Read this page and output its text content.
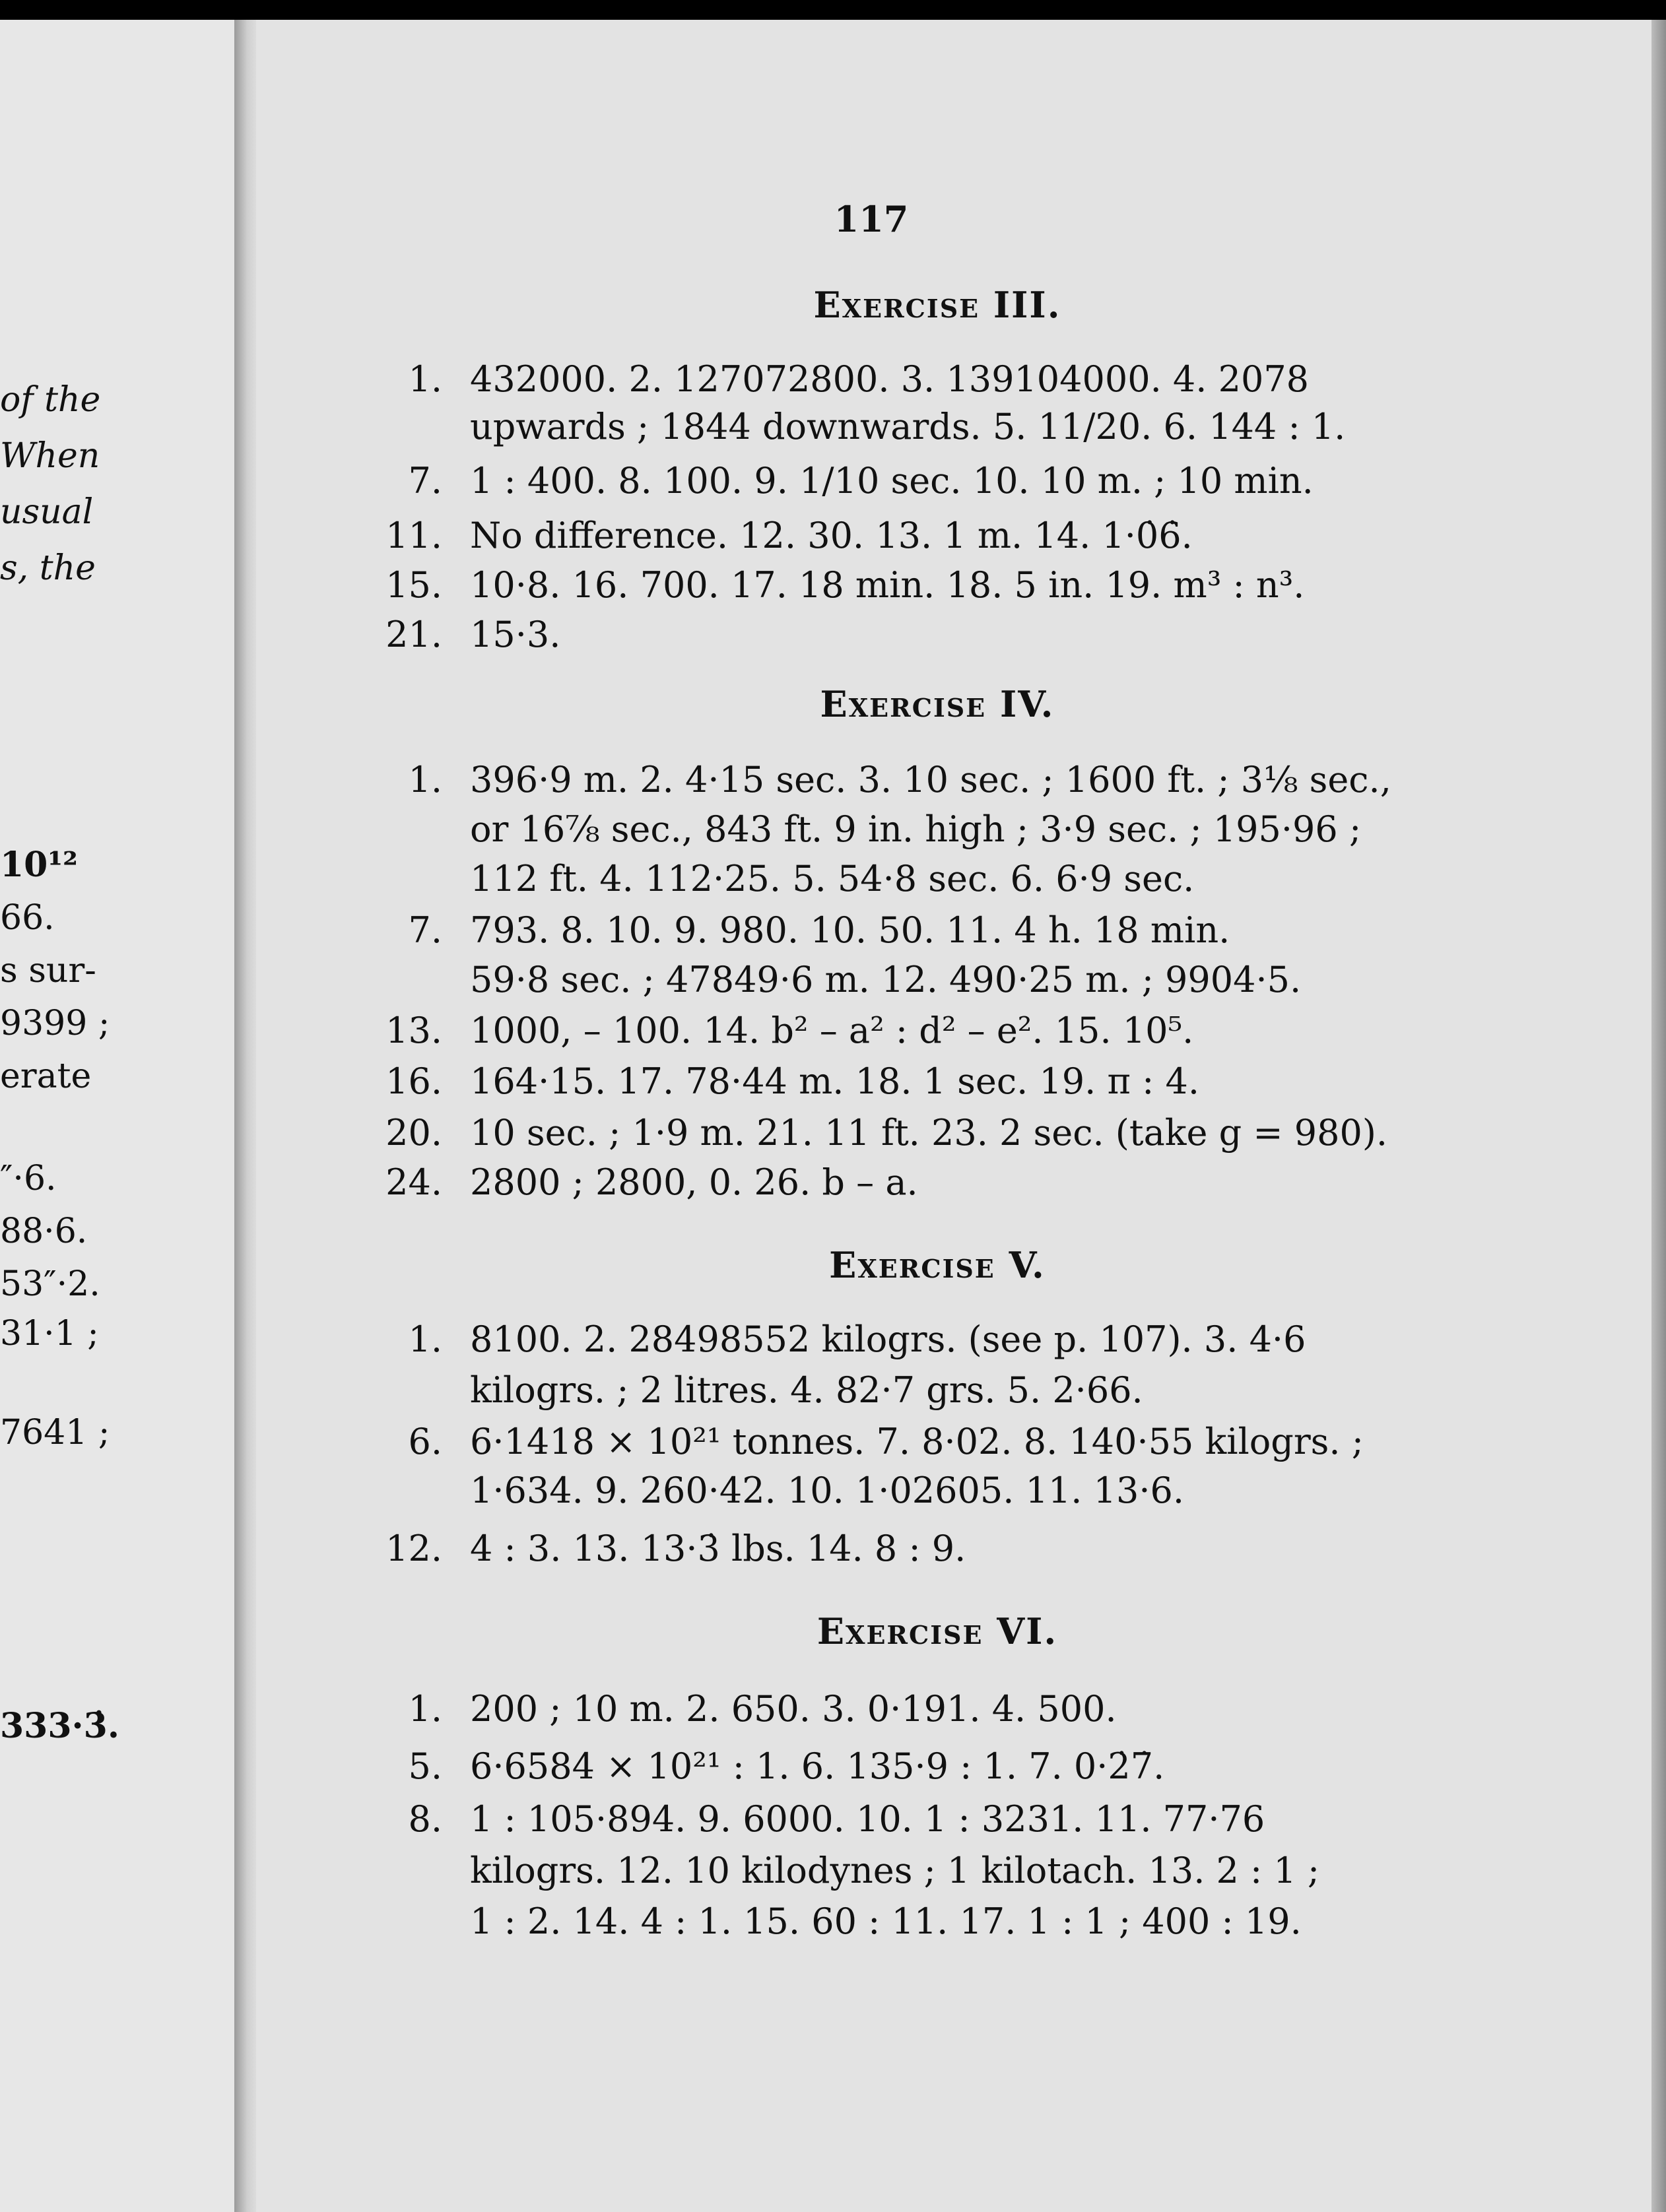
of the
When
usual
s, the
10¹²
66.
s sur-
9399 ;
erate
″·6.
88·6.
53″·2.
31·1 ;
7641 ;
333·3̇.
117
Exercise III.
1. 432000. 2. 127072800. 3. 139104000. 4. 2078
upwards ; 1844 downwards. 5. 11/20. 6. 144 : 1.
7. 1 : 400. 8. 100. 9. 1/10 sec. 10. 10 m. ; 10 min.
11. No difference. 12. 30. 13. 1 m. 14. 1·0̇6̇.
15. 10·8. 16. 700. 17. 18 min. 18. 5 in. 19. m³ : n³.
21. 15·3.
Exercise IV.
1. 396·9 m. 2. 4·15 sec. 3. 10 sec. ; 1600 ft. ; 3⅛ sec.,
or 16⅞ sec., 843 ft. 9 in. high ; 3·9 sec. ; 195·96 ;
112 ft. 4. 112·25. 5. 54·8 sec. 6. 6·9 sec.
7. 793. 8. 10. 9. 980. 10. 50. 11. 4 h. 18 min.
59·8 sec. ; 47849·6 m. 12. 490·25 m. ; 9904·5.
13. 1000, – 100. 14. b² – a² : d² – e². 15. 10⁵.
16. 164·15. 17. 78·44 m. 18. 1 sec. 19. π : 4.
20. 10 sec. ; 1·9 m. 21. 11 ft. 23. 2 sec. (take g = 980).
24. 2800 ; 2800, 0. 26. b – a.
Exercise V.
1. 8100. 2. 28498552 kilogrs. (see p. 107). 3. 4·6
kilogrs. ; 2 litres. 4. 82·7 grs. 5. 2·66.
6. 6·1418 × 10²¹ tonnes. 7. 8·02. 8. 140·55 kilogrs. ;
1·634. 9. 260·42. 10. 1·02605. 11. 13·6.
12. 4 : 3. 13. 13·3̇ lbs. 14. 8 : 9.
Exercise VI.
1. 200 ; 10 m. 2. 650. 3. 0·191. 4. 500.
5. 6·6584 × 10²¹ : 1. 6. 135·9 : 1. 7. 0·2̇7̇.
8. 1 : 105·894. 9. 6000. 10. 1 : 3231. 11. 77·76
kilogrs. 12. 10 kilodynes ; 1 kilotach. 13. 2 : 1 ;
1 : 2. 14. 4 : 1. 15. 60 : 11. 17. 1 : 1 ; 400 : 19.
